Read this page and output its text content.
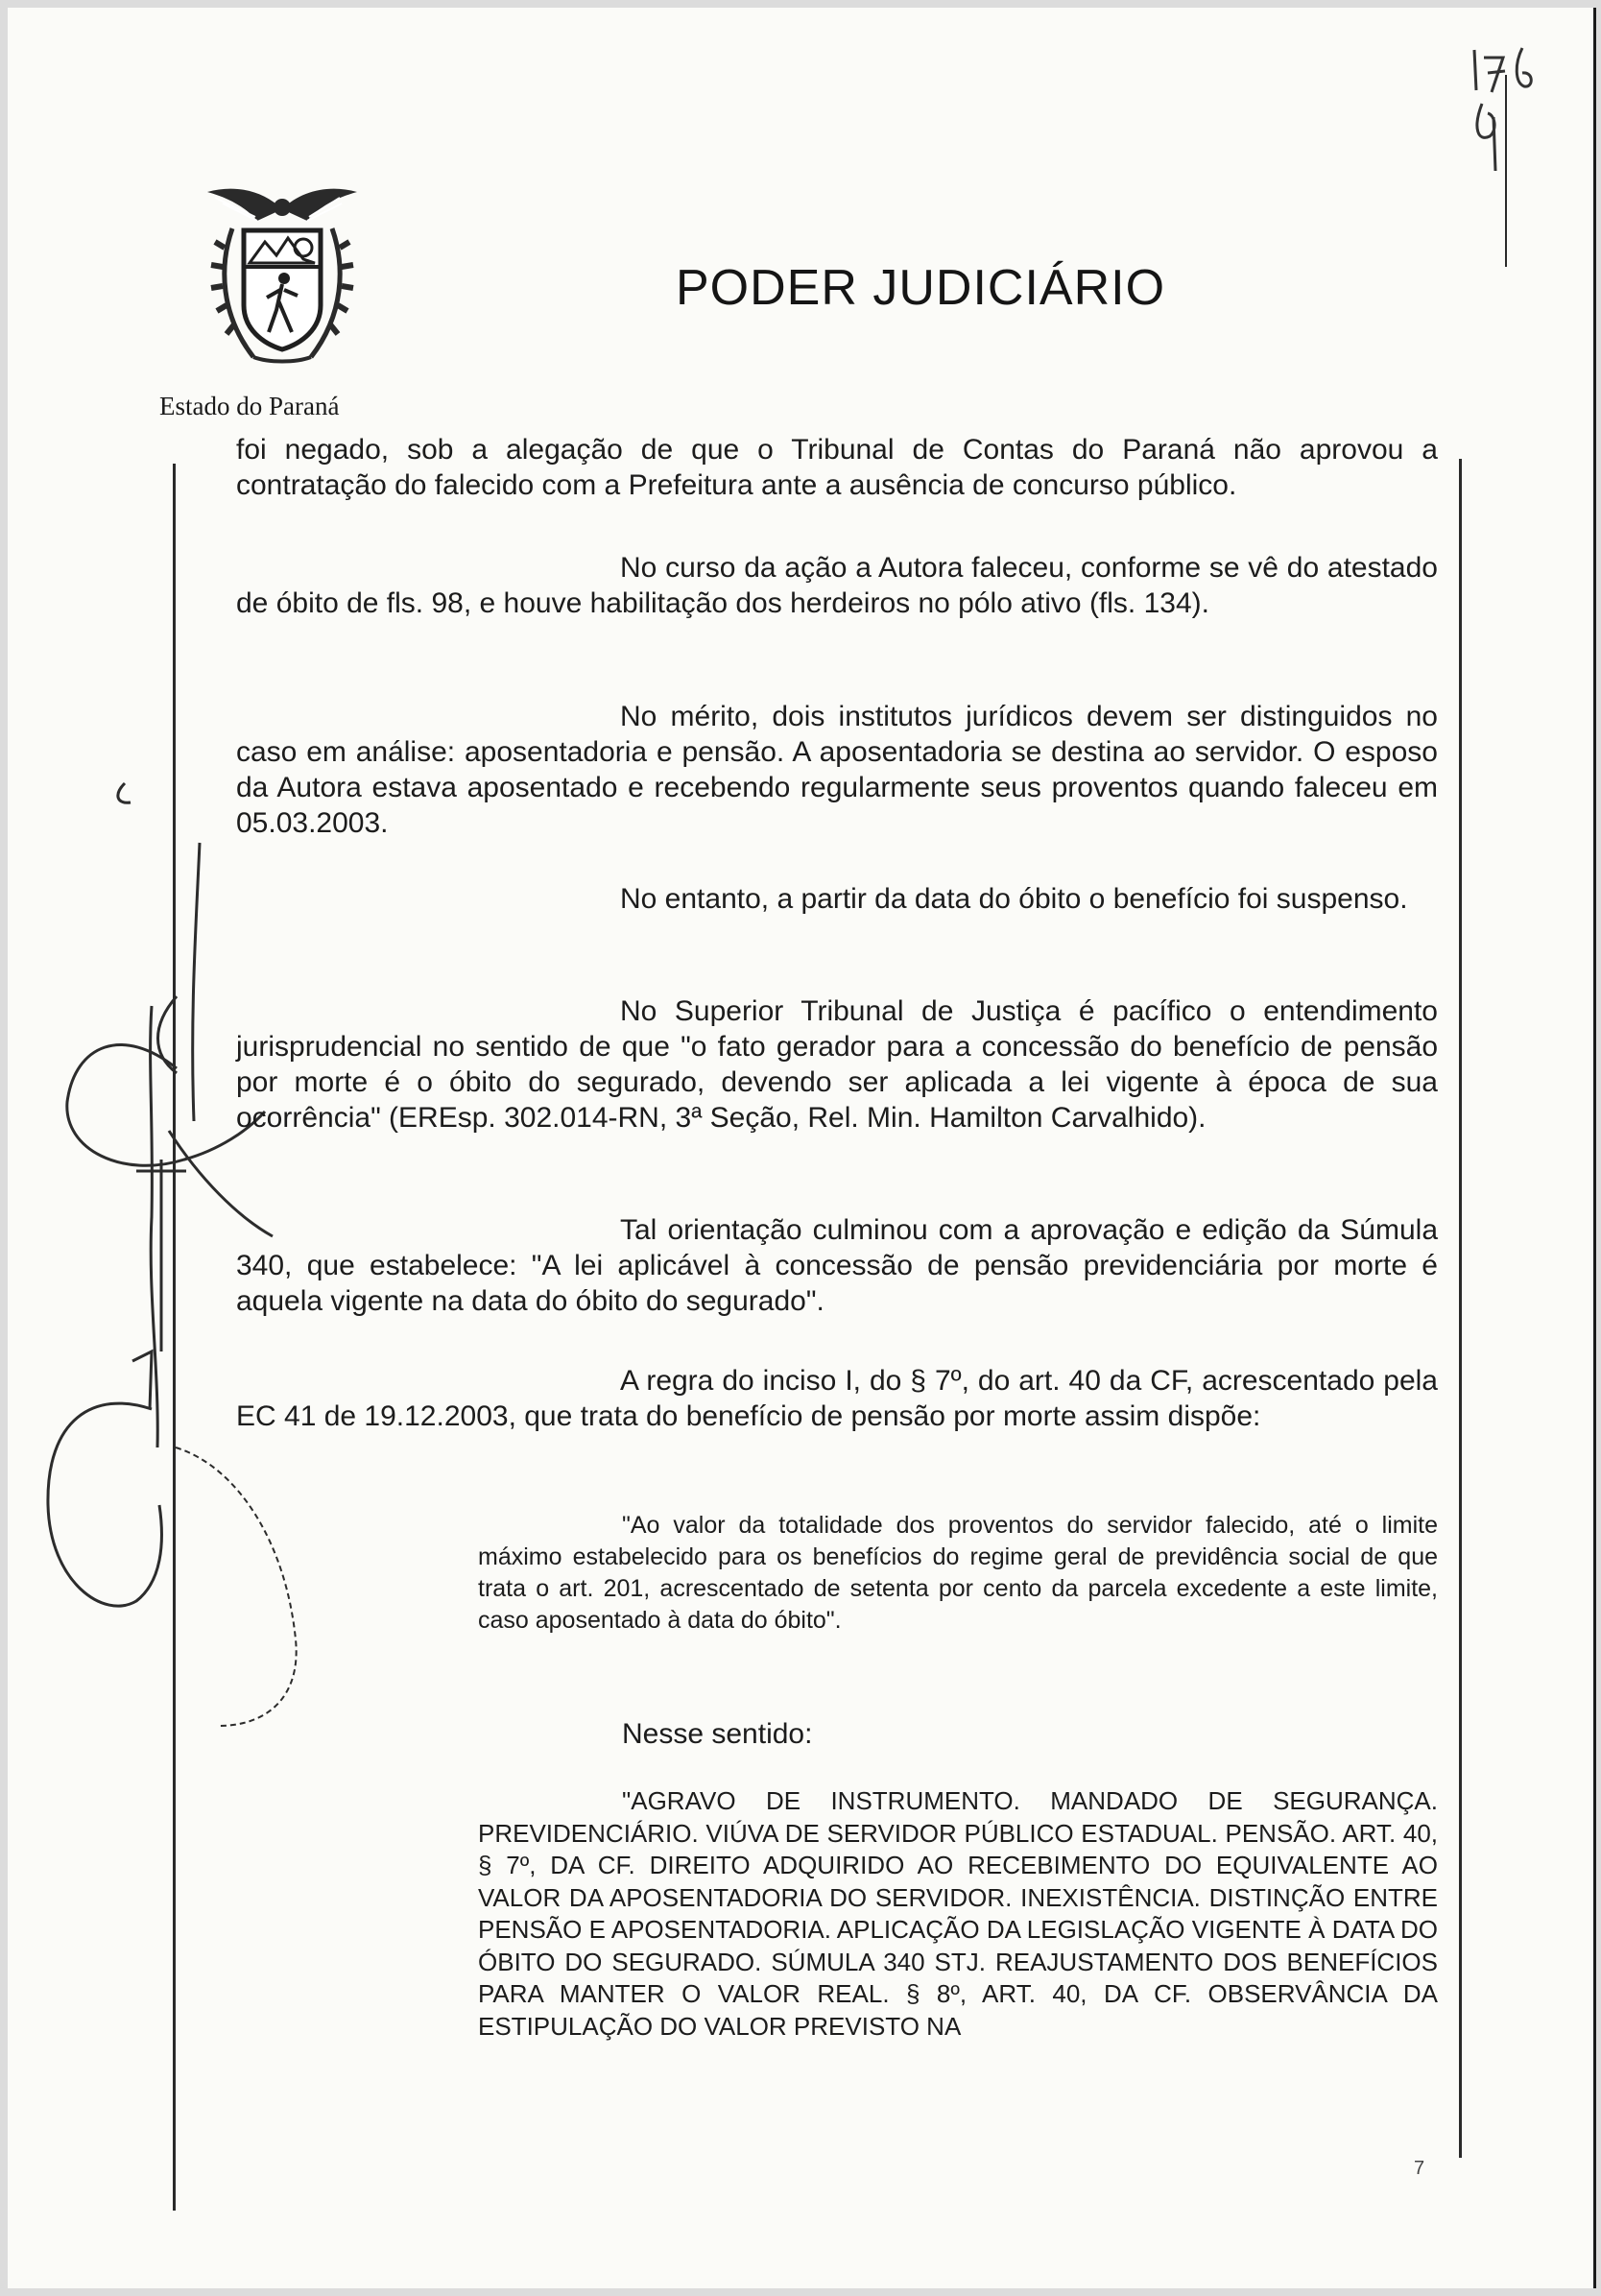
PODER JUDICIÁRIO
Estado do Paraná

foi negado, sob a alegação de que o Tribunal de Contas do Paraná não aprovou a contratação do falecido com a Prefeitura ante a ausência de concurso público.

No curso da ação a Autora faleceu, conforme se vê do atestado de óbito de fls. 98, e houve habilitação dos herdeiros no pólo ativo (fls. 134).

No mérito, dois institutos jurídicos devem ser distinguidos no caso em análise: aposentadoria e pensão. A aposentadoria se destina ao servidor. O esposo da Autora estava aposentado e recebendo regularmente seus proventos quando faleceu em 05.03.2003.

No entanto, a partir da data do óbito o benefício foi suspenso.

No Superior Tribunal de Justiça é pacífico o entendimento jurisprudencial no sentido de que "o fato gerador para a concessão do benefício de pensão por morte é o óbito do segurado, devendo ser aplicada a lei vigente à época de sua ocorrência" (EREsp. 302.014-RN, 3ª Seção, Rel. Min. Hamilton Carvalhido).

Tal orientação culminou com a aprovação e edição da Súmula 340, que estabelece: "A lei aplicável à concessão de pensão previdenciária por morte é aquela vigente na data do óbito do segurado".

A regra do inciso I, do § 7º, do art. 40 da CF, acrescentado pela EC 41 de 19.12.2003, que trata do benefício de pensão por morte assim dispõe:

"Ao valor da totalidade dos proventos do servidor falecido, até o limite máximo estabelecido para os benefícios do regime geral de previdência social de que trata o art. 201, acrescentado de setenta por cento da parcela excedente a este limite, caso aposentado à data do óbito".

Nesse sentido:

"AGRAVO DE INSTRUMENTO. MANDADO DE SEGURANÇA. PREVIDENCIÁRIO. VIÚVA DE SERVIDOR PÚBLICO ESTADUAL. PENSÃO. ART. 40, § 7º, DA CF. DIREITO ADQUIRIDO AO RECEBIMENTO DO EQUIVALENTE AO VALOR DA APOSENTADORIA DO SERVIDOR. INEXISTÊNCIA. DISTINÇÃO ENTRE PENSÃO E APOSENTADORIA. APLICAÇÃO DA LEGISLAÇÃO VIGENTE À DATA DO ÓBITO DO SEGURADO. SÚMULA 340 STJ. REAJUSTAMENTO DOS BENEFÍCIOS PARA MANTER O VALOR REAL. § 8º, ART. 40, DA CF. OBSERVÂNCIA DA ESTIPULAÇÃO DO VALOR PREVISTO NA

7
